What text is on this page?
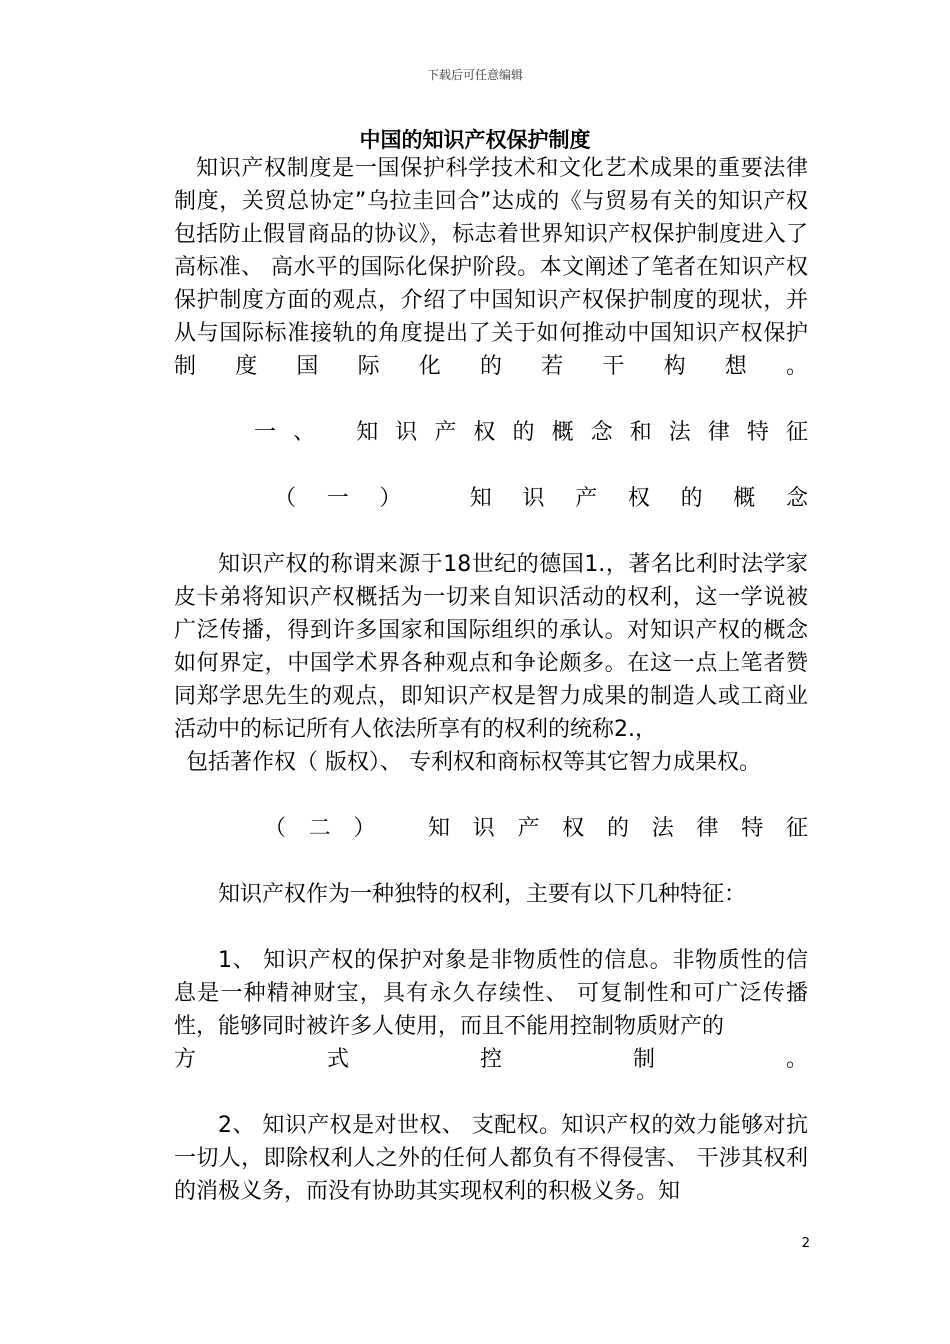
下载后可任意编辑
中国的知识产权保护制度

知识产权制度是一国保护科学技术和文化艺术成果的重要法律制度，关贸总协定”乌拉圭回合”达成的《与贸易有关的知识产权包括防止假冒商品的协议》，标志着世界知识产权保护制度进入了高标准、 高水平的国际化保护阶段。本文阐述了笔者在知识产权保护制度方面的观点，介绍了中国知识产权保护制度的现状，并从与国际标准接轨的角度提出了关于如何推动中国知识产权保护制度国际化的若干构想。

一、 知识产权的概念和法律特征

（一） 知识产权的概念

知识产权的称谓来源于18世纪的德国1.，著名比利时法学家皮卡弟将知识产权概括为一切来自知识活动的权利，这一学说被广泛传播，得到许多国家和国际组织的承认。对知识产权的概念如何界定，中国学术界各种观点和争论颇多。在这一点上笔者赞同郑学思先生的观点，即知识产权是智力成果的制造人或工商业活动中的标记所有人依法所享有的权利的统称2.，

包括著作权（ 版权）、 专利权和商标权等其它智力成果权。

（二） 知识产权的法律特征

知识产权作为一种独特的权利，主要有以下几种特征：

1、 知识产权的保护对象是非物质性的信息。非物质性的信息是一种精神财宝，具有永久存续性、 可复制性和可广泛传播性，能够同时被许多人使用，而且不能用控制物质财产的

方式控制。

2、 知识产权是对世权、 支配权。知识产权的效力能够对抗一切人，即除权利人之外的任何人都负有不得侵害、 干涉其权利的消极义务，而没有协助其实现权利的积极义务。知

2
